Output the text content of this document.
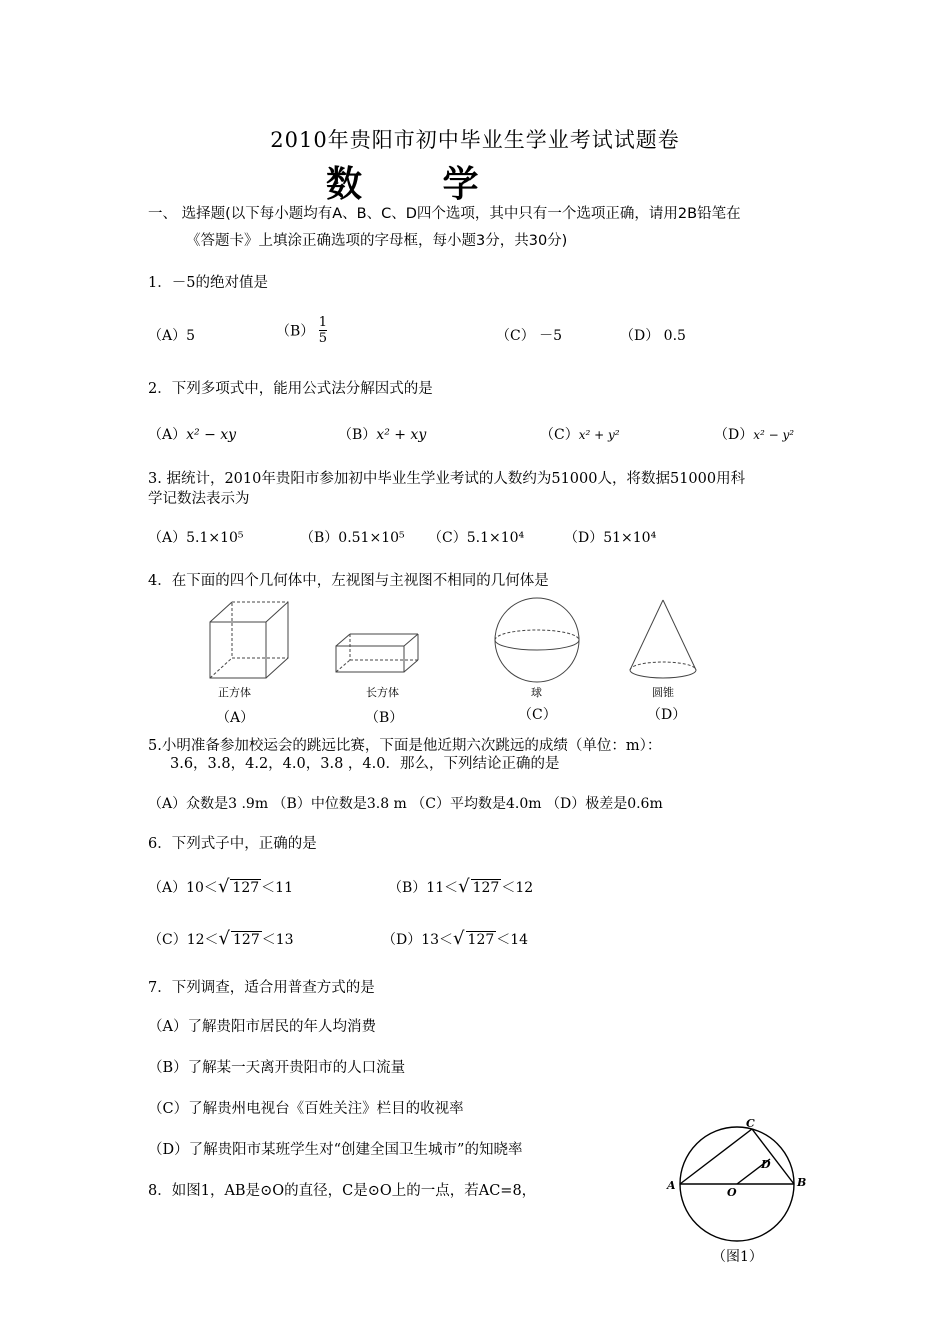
2010年贵阳市初中毕业生学业考试试题卷
数 学
一、 选择题(以下每小题均有A、B、C、D四个选项，其中只有一个选项正确，请用2B铅笔在
《答题卡》上填涂正确选项的字母框，每小题3分，共30分)
1．－5的绝对值是
（A）5	$(B) \frac{1}{5}$	（C） －5	（D） 0.5
2．下列多项式中，能用公式法分解因式的是
（A）x² − xy	（B）x² + xy	（C）x² + y²	（D）x² − y²
3. 据统计，2010年贵阳市参加初中毕业生学业考试的人数约为51000人，将数据51000用科
学记数法表示为
（A）5.1×10⁵	（B）0.51×10⁵ （C）5.1×10⁴	（D）51×10⁴
4．在下面的四个几何体中，左视图与主视图不相同的几何体是
正方体	长方体	球	圆锥
（A）	（B）	（C）	（D）
5.小明准备参加校运会的跳远比赛，下面是他近期六次跳远的成绩（单位：m）：
3.6，3.8，4.2，4.0，3.8 ，4.0．那么，下列结论正确的是
（A）众数是3 .9m （B）中位数是3.8 m （C）平均数是4.0m （D）极差是0.6m
6．下列式子中，正确的是
（A）10＜√ 127 ＜11	（B）11＜√ 127 ＜12
（C）12＜√ 127 ＜13	（D）13＜√ 127 ＜14
7．下列调查，适合用普查方式的是
（A）了解贵阳市居民的年人均消费
（B）了解某一天离开贵阳市的人口流量
（C）了解贵州电视台《百姓关注》栏目的收视率
（D）了解贵阳市某班学生对“创建全国卫生城市”的知晓率
8．如图1，AB是⊙O的直径，C是⊙O上的一点，若AC=8，	A	B
C
D
O
（图1）
